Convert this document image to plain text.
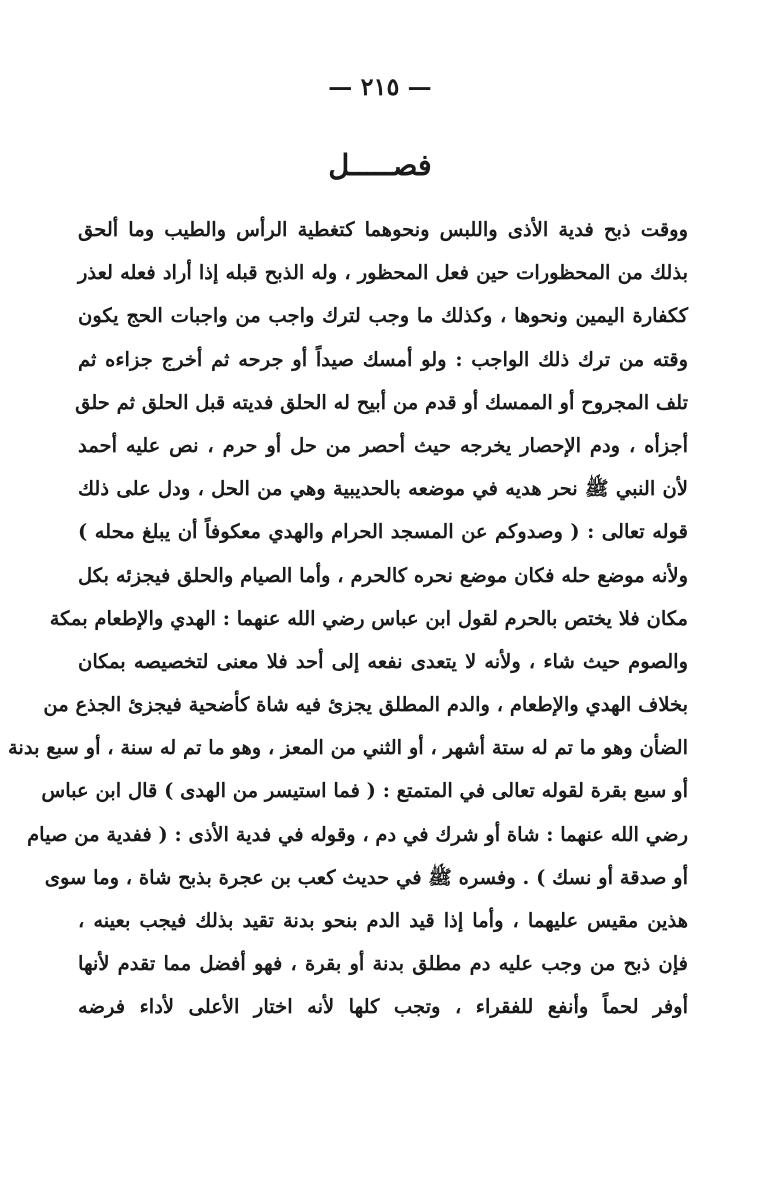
— ٢١٥ —
فصـــــل
ووقت ذبح فدية الأذى واللبس ونحوهما كتغطية الرأس والطيب وما ألحق
بذلك من المحظورات حين فعل المحظور ، وله الذبح قبله إذا أراد فعله لعذر
ككفارة اليمين ونحوها ، وكذلك ما وجب لترك واجب من واجبات الحج يكون
وقته من ترك ذلك الواجب : ولو أمسك صيداً أو جرحه ثم أخرج جزاءه ثم
تلف المجروح أو الممسك أو قدم من أبيح له الحلق فديته قبل الحلق ثم حلق
أجزأه ، ودم الإحصار يخرجه حيث أحصر من حل أو حرم ، نص عليه أحمد
لأن النبي ﷺ نحر هديه في موضعه بالحديبية وهي من الحل ، ودل على ذلك
قوله تعالى : ( وصدوكم عن المسجد الحرام والهدي معكوفاً أن يبلغ محله )
ولأنه موضع حله فكان موضع نحره كالحرم ، وأما الصيام والحلق فيجزئه بكل
مكان فلا يختص بالحرم لقول ابن عباس رضي الله عنهما : الهدي والإطعام بمكة
والصوم حيث شاء ، ولأنه لا يتعدى نفعه إلى أحد فلا معنى لتخصيصه بمكان
بخلاف الهدي والإطعام ، والدم المطلق يجزئ فيه شاة كأضحية فيجزئ الجذع من
الضأن وهو ما تم له ستة أشهر ، أو الثني من المعز ، وهو ما تم له سنة ، أو سبع بدنة
أو سبع بقرة لقوله تعالى في المتمتع : ( فما استيسر من الهدى ) قال ابن عباس
رضي الله عنهما : شاة أو شرك في دم ، وقوله في فدية الأذى : ( ففدية من صيام
أو صدقة أو نسك ) . وفسره ﷺ في حديث كعب بن عجرة بذبح شاة ، وما سوى
هذين مقيس عليهما ، وأما إذا قيد الدم بنحو بدنة تقيد بذلك فيجب بعينه ،
فإن ذبح من وجب عليه دم مطلق بدنة أو بقرة ، فهو أفضل مما تقدم لأنها
أوفر لحماً وأنفع للفقراء ، وتجب كلها لأنه اختار الأعلى لأداء فرضه
